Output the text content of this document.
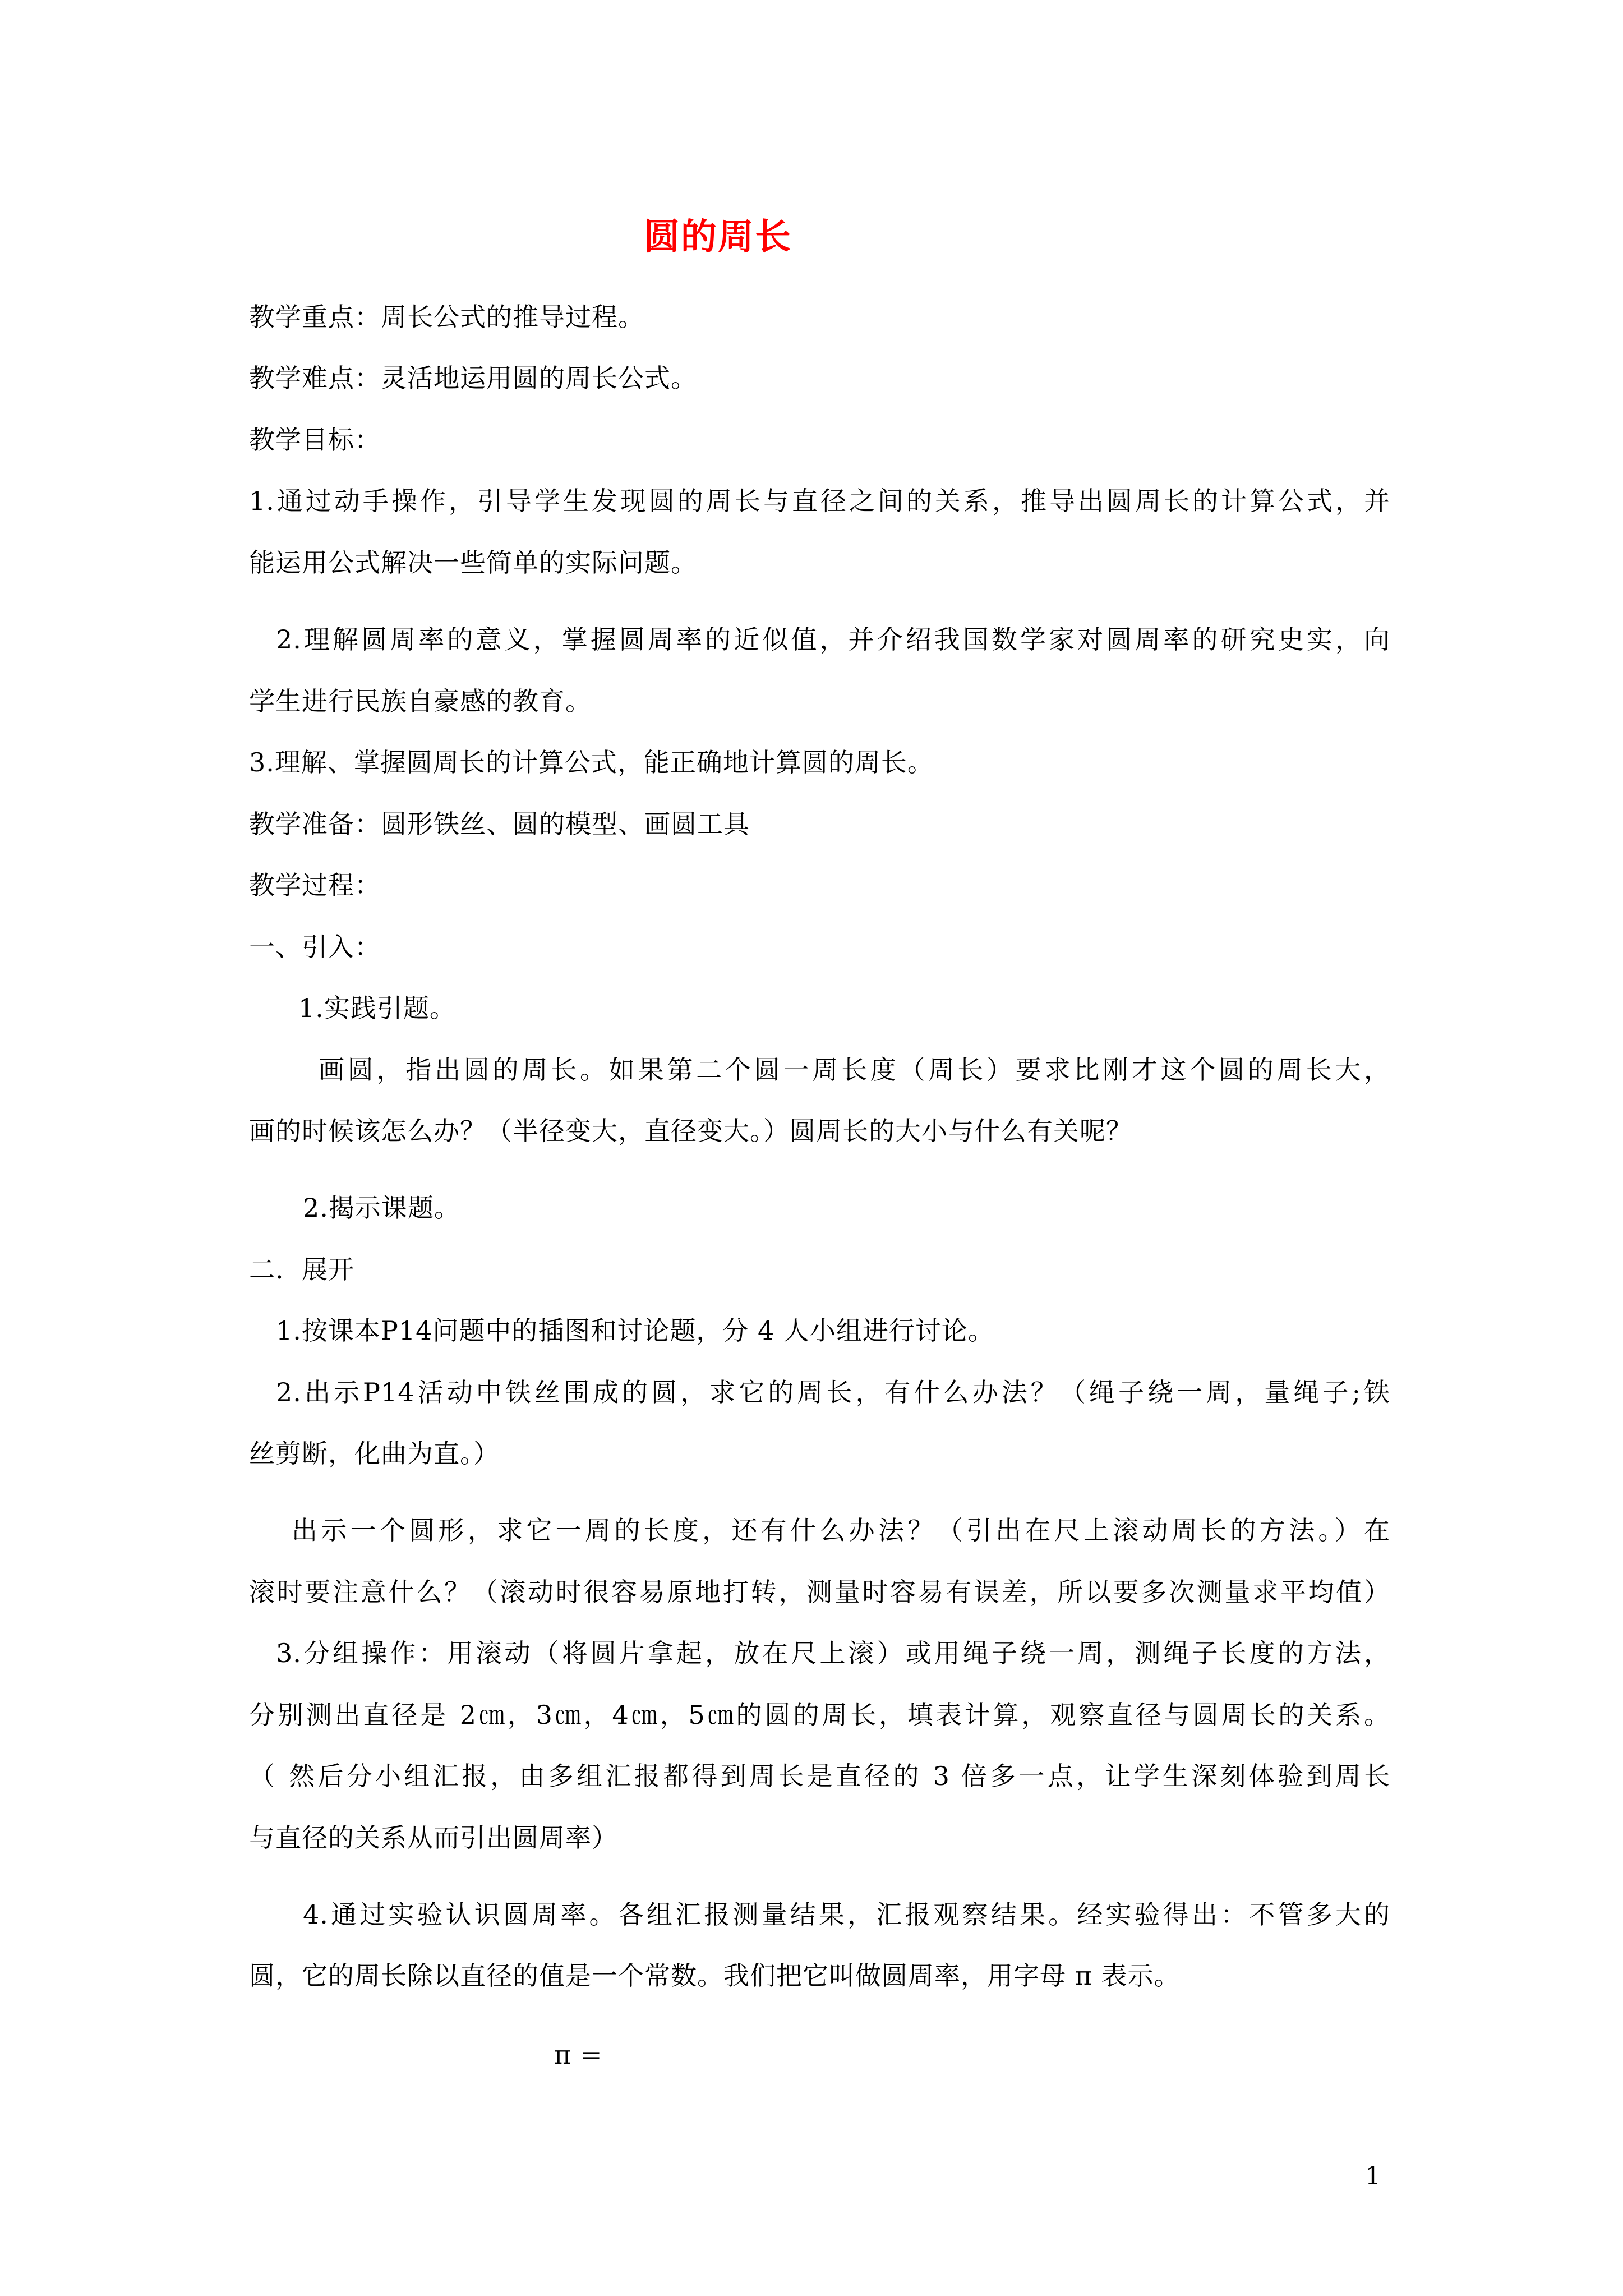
圆的周长
教学重点：周长公式的推导过程。
教学难点：灵活地运用圆的周长公式。
教学目标：
1.通过动手操作，引导学生发现圆的周长与直径之间的关系，推导出圆周长的计算公式，并
能运用公式解决一些简单的实际问题。
2.理解圆周率的意义，掌握圆周率的近似值，并介绍我国数学家对圆周率的研究史实，向
学生进行民族自豪感的教育。
3.理解、掌握圆周长的计算公式，能正确地计算圆的周长。
教学准备：圆形铁丝、圆的模型、画圆工具
教学过程：
一、引入：
1.实践引题。
画圆，指出圆的周长。如果第二个圆一周长度（周长）要求比刚才这个圆的周长大，
画的时候该怎么办？（半径变大，直径变大。）圆周长的大小与什么有关呢？
2.揭示课题。
二．展开
1.按课本P14问题中的插图和讨论题，分 4 人小组进行讨论。
2.出示P14活动中铁丝围成的圆，求它的周长，有什么办法？（绳子绕一周，量绳子;铁
丝剪断，化曲为直。）
出示一个圆形，求它一周的长度，还有什么办法？（引出在尺上滚动周长的方法。）在
滚时要注意什么？（滚动时很容易原地打转，测量时容易有误差，所以要多次测量求平均值）
3.分组操作：用滚动（将圆片拿起，放在尺上滚）或用绳子绕一周，测绳子长度的方法，
分别测出直径是 2㎝，3㎝，4㎝，5㎝的圆的周长，填表计算，观察直径与圆周长的关系。
（ 然后分小组汇报，由多组汇报都得到周长是直径的 3 倍多一点，让学生深刻体验到周长
与直径的关系从而引出圆周率）
4.通过实验认识圆周率。各组汇报测量结果，汇报观察结果。经实验得出：不管多大的
圆，它的周长除以直径的值是一个常数。我们把它叫做圆周率，用字母 π 表示。
π =
1
